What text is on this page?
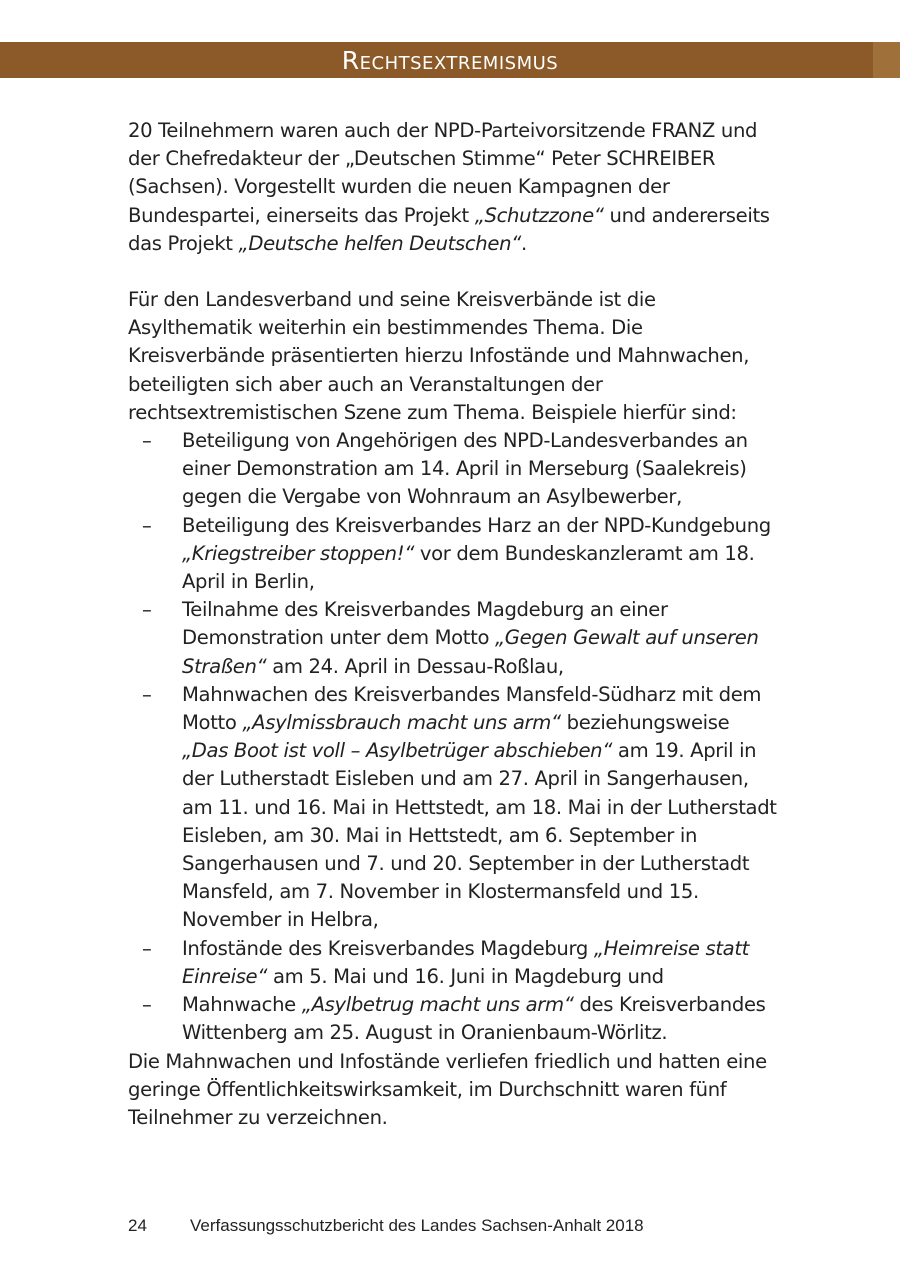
Rechtsextremismus

20 Teilnehmern waren auch der NPD-Parteivorsitzende FRANZ und der Chefredakteur der „Deutschen Stimme“ Peter SCHREIBER (Sachsen). Vorgestellt wurden die neuen Kampagnen der Bundespartei, einerseits das Projekt „Schutzzone“ und andererseits das Projekt „Deutsche helfen Deutschen“.

Für den Landesverband und seine Kreisverbände ist die Asylthematik weiterhin ein bestimmendes Thema. Die Kreisverbände präsentierten hierzu Infostände und Mahnwachen, beteiligten sich aber auch an Veranstaltungen der rechtsextremistischen Szene zum Thema. Beispiele hierfür sind:

– Beteiligung von Angehörigen des NPD-Landesverbandes an einer Demonstration am 14. April in Merseburg (Saalekreis) gegen die Vergabe von Wohnraum an Asylbewerber,
– Beteiligung des Kreisverbandes Harz an der NPD-Kundgebung „Kriegstreiber stoppen!“ vor dem Bundeskanzleramt am 18. April in Berlin,
– Teilnahme des Kreisverbandes Magdeburg an einer Demonstration unter dem Motto „Gegen Gewalt auf unseren Straßen“ am 24. April in Dessau-Roßlau,
– Mahnwachen des Kreisverbandes Mansfeld-Südharz mit dem Motto „Asylmissbrauch macht uns arm“ beziehungsweise „Das Boot ist voll – Asylbetrüger abschieben“ am 19. April in der Lutherstadt Eisleben und am 27. April in Sangerhausen, am 11. und 16. Mai in Hettstedt, am 18. Mai in der Lutherstadt Eisleben, am 30. Mai in Hettstedt, am 6. September in Sangerhausen und 7. und 20. September in der Lutherstadt Mansfeld, am 7. November in Klostermansfeld und 15. November in Helbra,
– Infostände des Kreisverbandes Magdeburg „Heimreise statt Einreise“ am 5. Mai und 16. Juni in Magdeburg und
– Mahnwache „Asylbetrug macht uns arm“ des Kreisverbandes Wittenberg am 25. August in Oranienbaum-Wörlitz.

Die Mahnwachen und Infostände verliefen friedlich und hatten eine geringe Öffentlichkeitswirksamkeit, im Durchschnitt waren fünf Teilnehmer zu verzeichnen.

24	Verfassungsschutzbericht des Landes Sachsen-Anhalt 2018
